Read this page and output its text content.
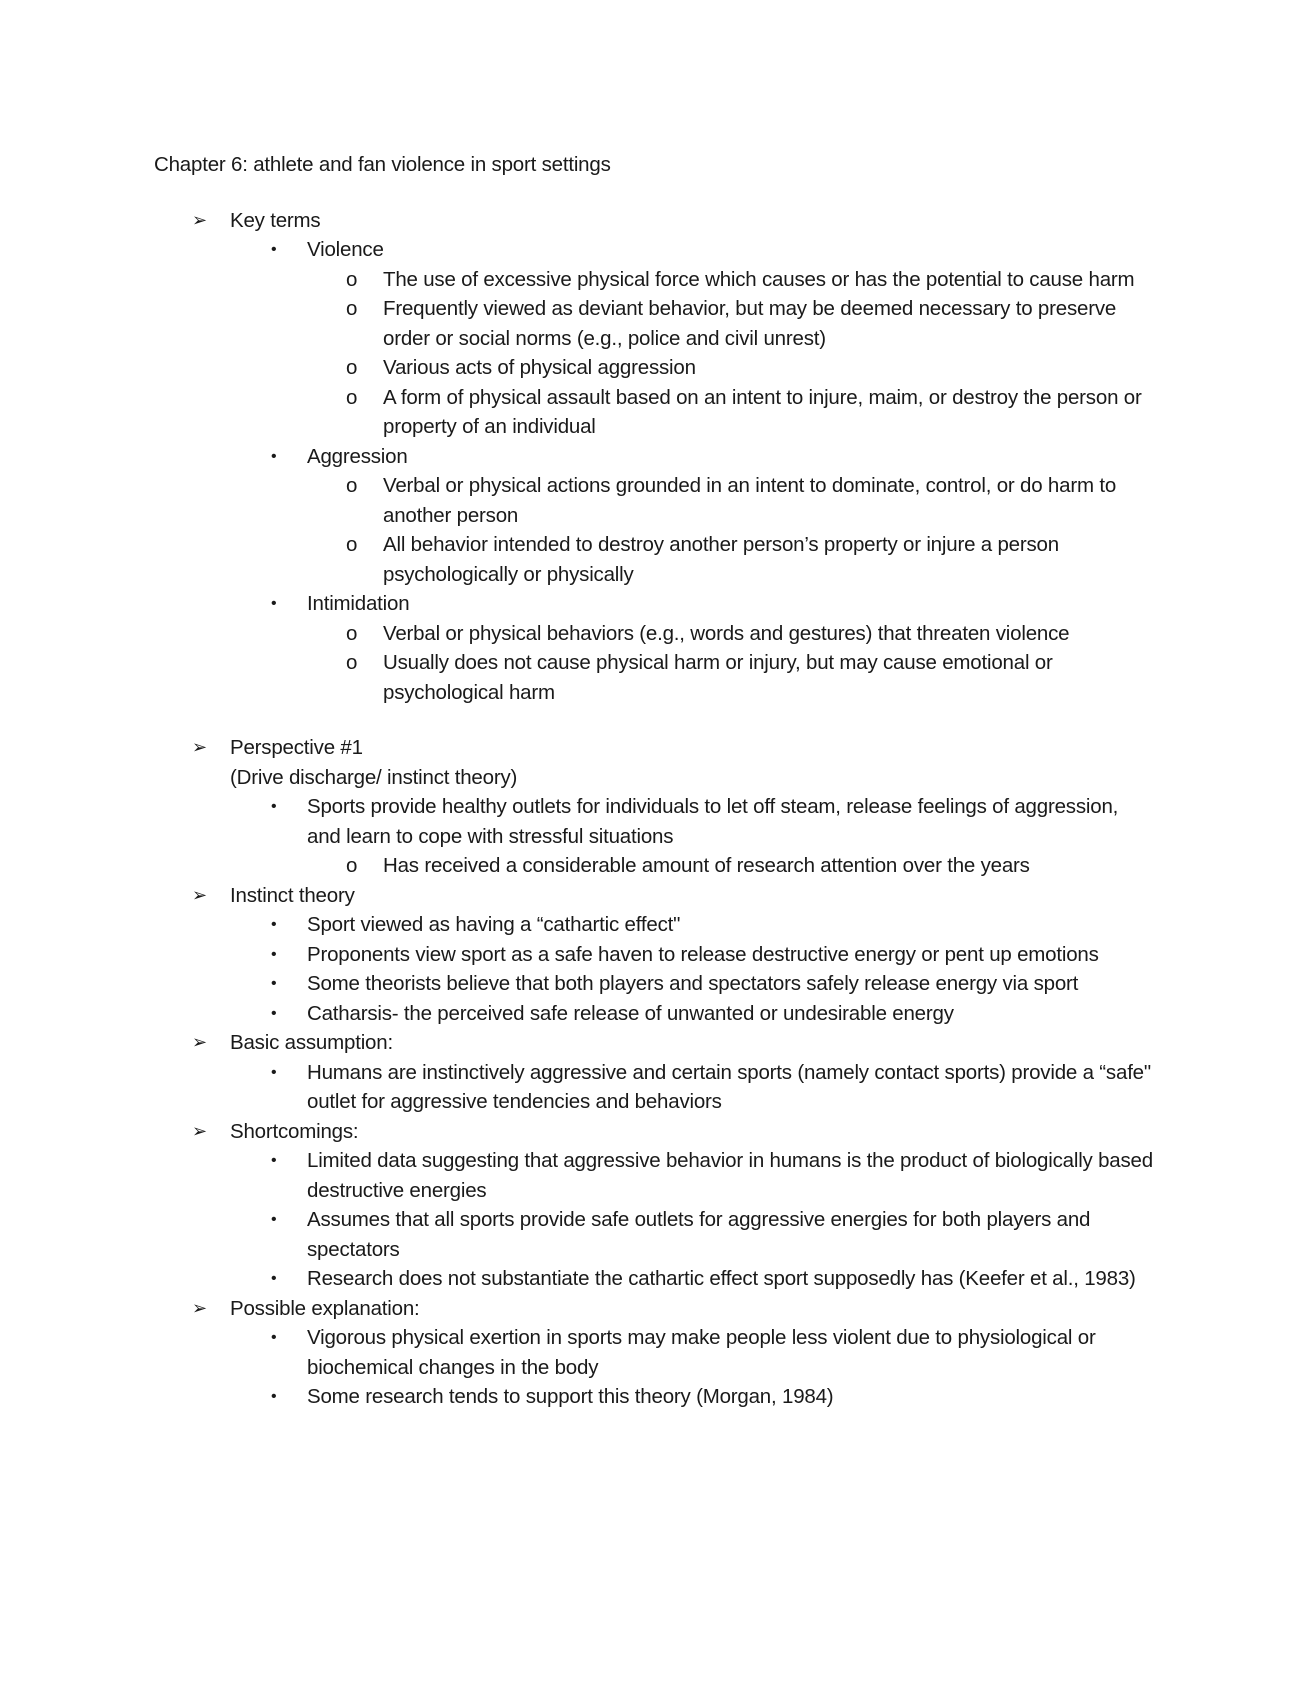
Chapter 6: athlete and fan violence in sport settings
➢ Key terms
• Violence
o The use of excessive physical force which causes or has the potential to cause harm
o Frequently viewed as deviant behavior, but may be deemed necessary to preserve order or social norms (e.g., police and civil unrest)
o Various acts of physical aggression
o A form of physical assault based on an intent to injure, maim, or destroy the person or property of an individual
• Aggression
o Verbal or physical actions grounded in an intent to dominate, control, or do harm to another person
o All behavior intended to destroy another person’s property or injure a person psychologically or physically
• Intimidation
o Verbal or physical behaviors (e.g., words and gestures) that threaten violence
o Usually does not cause physical harm or injury, but may cause emotional or psychological harm
➢ Perspective #1
(Drive discharge/ instinct theory)
• Sports provide healthy outlets for individuals to let off steam, release feelings of aggression, and learn to cope with stressful situations
o Has received a considerable amount of research attention over the years
➢ Instinct theory
• Sport viewed as having a “cathartic effect"
• Proponents view sport as a safe haven to release destructive energy or pent up emotions
• Some theorists believe that both players and spectators safely release energy via sport
• Catharsis- the perceived safe release of unwanted or undesirable energy
➢ Basic assumption:
• Humans are instinctively aggressive and certain sports (namely contact sports) provide a “safe" outlet for aggressive tendencies and behaviors
➢ Shortcomings:
• Limited data suggesting that aggressive behavior in humans is the product of biologically based destructive energies
• Assumes that all sports provide safe outlets for aggressive energies for both players and spectators
• Research does not substantiate the cathartic effect sport supposedly has (Keefer et al., 1983)
➢ Possible explanation:
• Vigorous physical exertion in sports may make people less violent due to physiological or biochemical changes in the body
• Some research tends to support this theory (Morgan, 1984)
